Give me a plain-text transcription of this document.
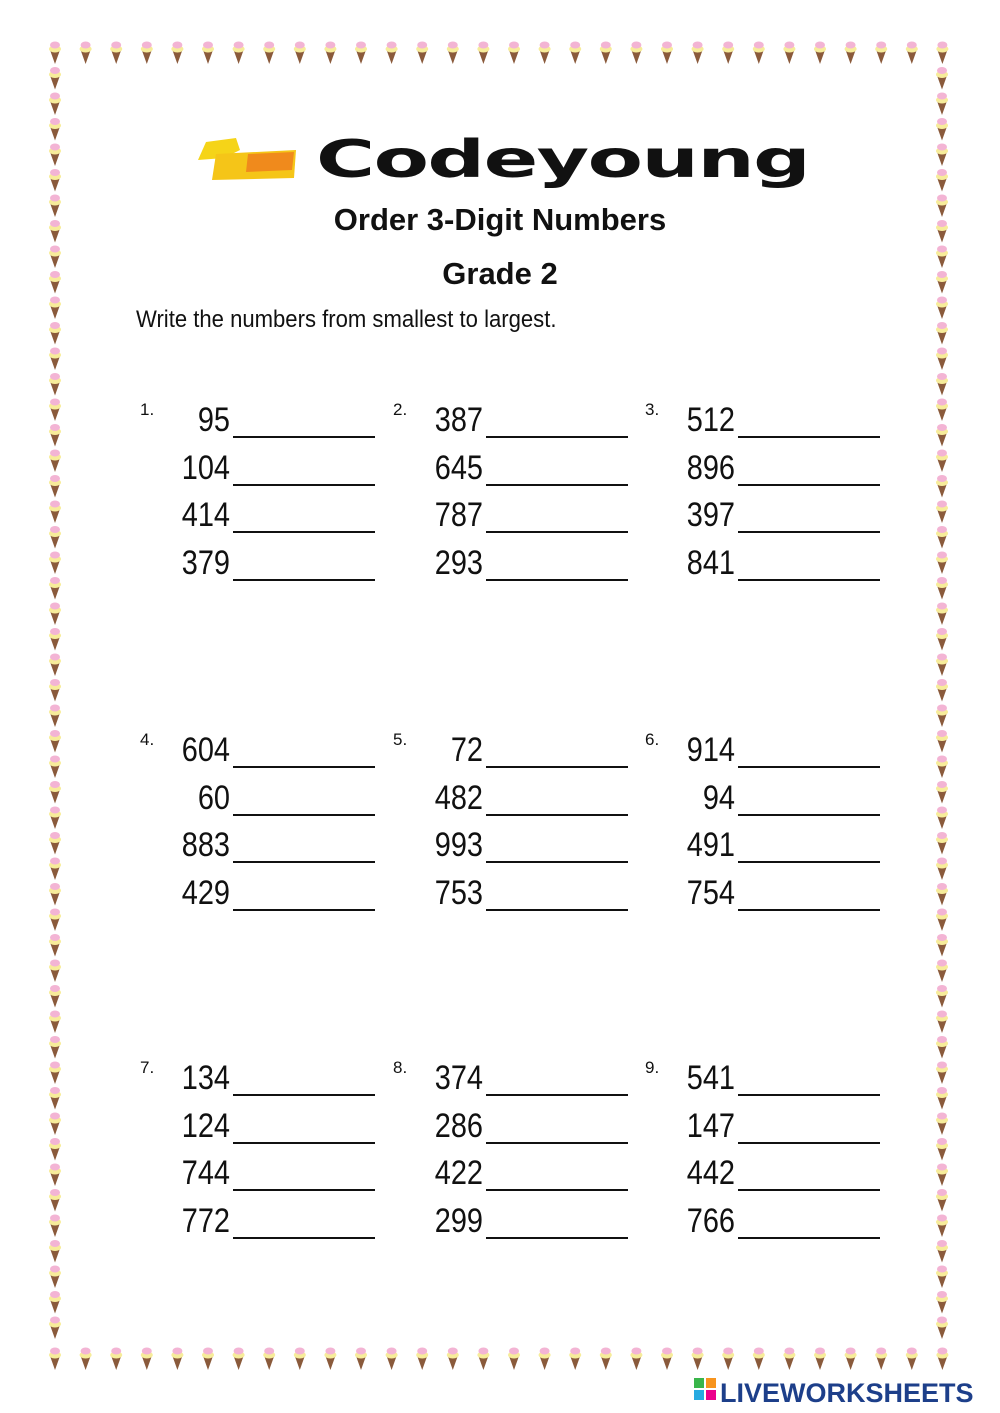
Codeyoung
Order 3-Digit Numbers
Grade 2
Write the numbers from smallest to largest.
1.	95
104
414
379
2. 387
645
787
293
3. 512
896
397
841
4. 604
60
883
429
5.	72
482
993
753
6. 914
94
491
754
7. 134
124
744
772
8. 374
286
422
299
9. 541
147
442
766
LIVEWORKSHEETS
